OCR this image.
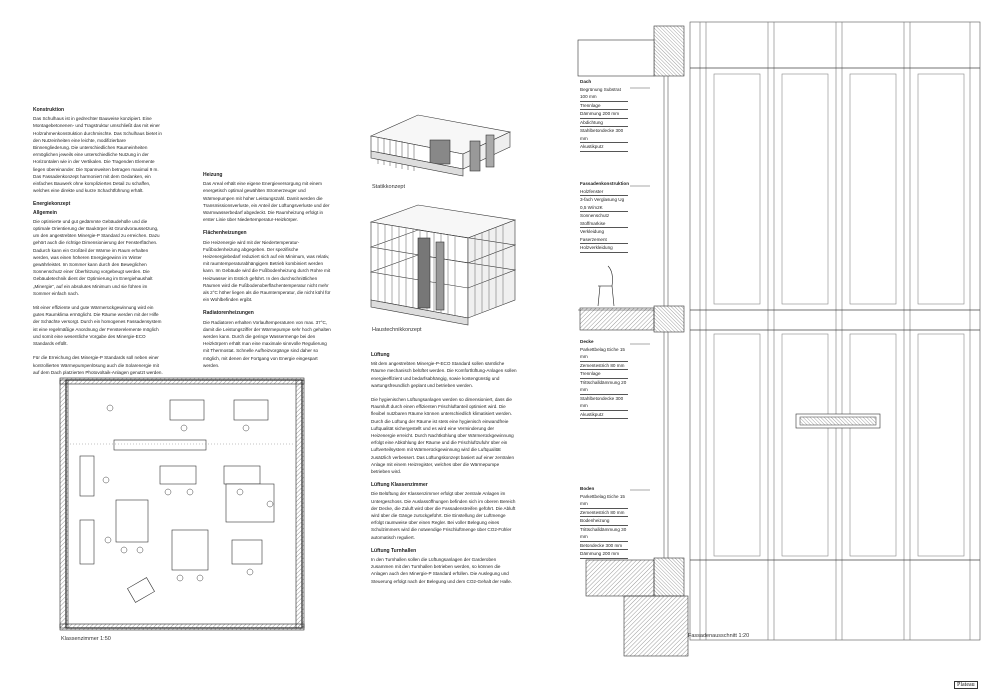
Konstruktion

Das Schulhaus ist in gedrechter Bauweise konzipiert. Eine Montagebetonenen- und Tragstruktur umschließt das mit einer Holzrahmenkonstruktion durchmischte. Das Schulhaus bietet in den Nutzeinheiten eine leichte, modifizierbare Binnengliederung. Die unterschiedlichen Raumeinheiten ermöglichen jeweils eine unterschiedliche Nutzung in der Horizontalen wie in der Vertikalen. Die Tragenden Elemente liegen übereinander. Die Spannweiten betragen maximal 9 m. Das Fassadenkonzept harmoniert mit dem Gedanken, ein einfaches Bauwerk ohne kompliziertes Detail zu schaffen, welches eine direkte und kurze Schachtführung erhält.

Energiekonzept
Allgemein

Die optimierte und gut gedämmte Gebäudehülle und die optimale Orientierung der Baukörper ist Grundvoraussetzung, um den angestrebten Minergie-P Standard zu erreichen. Dazu gehört auch die richtige Dimensionierung der Fensterflächen. Dadurch kann ein Großteil der Wärme im Raum erhalten werden, was einen höheren Energiegewinn im Winter gewährleistet. Im Sommer kann durch den Beweglichen Sonnenschutz einer Überhitzung vorgebeugt werden. Die Gebäudetechnik dient der Optimierung im Energiehaushalt „Minergie“, auf ein absolutes Minimum und sie führen im Sommer einfach nach.

Mit einer effiziente und gute Wärmerückgewinnung wird ein gutes Raumklima ermöglicht. Die Räume werden mit der Hilfe der Schächte versorgt. Durch ein homogenes Fassadensystem ist eine regelmäßige Anordnung der Fensterelemente möglich und somit eine wesentliche Vorgabe des Minergie-ECO Standards erfüllt.

Für die Erreichung des Minergie-P Standards soll neben einer kontrollierten Wärmepumpenlösung auch die Solarenergie mit auf dem Dach platzierten Photovoltaik-Anlagen genutzt werden.

Heizung

Das Areal erhält eine eigene Energieversorgung mit einem energetisch optimal gewählten Stromerzeuger und Wärmepumpen mit hoher Leistungszahl. Damit werden die Transmissionsverluste, ein Anteil der Lüftungsverluste und der Warmwasserbedarf abgedeckt. Die Raumheizung erfolgt in erster Linie über Niedertemperatur-Heizkörper.

Flächenheizungen

Die Heizenergie wird mit der Niedertemperatur-Fußbodenheizung abgegeben. Der spezifische Heizenergiebedarf reduziert sich auf ein Minimum, was relativ, mit raumtemperaturabhängigem Betrieb kombiniert werden kann. Im Gebäude wird die Fußbodenheizung durch Rohre mit Heizwasser im Estrich geführt. In den durchschnittlichen Räumen wird die Fußbodenoberflächentemperatur nicht mehr als 2°C höher liegen als die Raumtemperatur, die nicht kühl für ein Wohlbefinden ergibt.

Radiatorenheizungen

Die Radiatoren erhalten Vorlauftemperaturen von max. 37°C, damit die Leistungsziffer der Wärmepumpe sehr hoch gehalten werden kann. Durch die geringe Wassermenge bei den Heizkörpern erhält man eine maximale sinnvolle Regulierung mit Thermostat. Schnelle Aufheizvorgänge sind daher so möglich, mit denen der Fortgang von Energie eingespart werden.

Lüftung

Mit dem angestrebten Minergie-P-ECO Standard sollen sämtliche Räume mechanisch belüftet werden. Die Komfortlüftung-Anlagen sollen energieeffizient und bedarfsabhängig, sowie kostengünstig und wartungsfreundlich geplant und betrieben werden.

Die hygienischen Lüftungsanlagen werden so dimensioniert, dass die Raumluft durch einen effizienten Frischluftanteil optimiert wird. Die flexibel nutzbaren Räume können unterschiedlich klimatisiert werden. Durch die Lüftung der Räume ist stets eine hygienisch einwandfreie Luftqualität sichergestellt und es wird eine Verminderung der Heizenergie erreicht. Durch Nachtkühlung über Wärmerückgewinnung erfolgt eine Abkühlung der Räume und die Frischluftzufuhr über ein Luftverteilsystem mit Wärmerückgewinnung wird die Luftqualität zusätzlich verbessert. Das Lüftungskonzept basiert auf einer zentralen Anlage mit einem Heizregister, welches über die Wärmepumpe betrieben wird.

Lüftung Klassenzimmer

Die Belüftung der Klassenzimmer erfolgt über zentrale Anlagen im Untergeschoss. Die Auslassöffnungen befinden sich im oberen Bereich der Decke, die Zuluft wird über die Fassadenstreifen geführt. Die Abluft wird über die Gänge zurückgeführt. Die Einstellung der Luftmenge erfolgt raumweise über einen Regler. Bei voller Belegung eines Schulzimmers wird die notwendige Frischluftmenge über CO2-Fühler automatisch reguliert.

Lüftung Turnhallen

In den Turnhallen sollen die Lüftungsanlagen der Garderoben zusammen mit den Turnhallen betrieben werden, so können die Anlagen auch den Minergie-P Standard erfüllen. Die Auslegung und Steuerung erfolgt nach der Belegung und dem CO2-Gehalt der Halle.

Statikkonzept
Haustechnikkonzept
Klassenzimmer 1:50	Fassadenausschnitt 1:20
Dach
Begrünung Substrat 100 mm
Trennlage
Dämmung 200 mm
Abdichtung
Stahlbetondecke 300 mm
Akustikputz
Fassadenkonstruktion
Holzfenster
3-fach Verglasung Ug 0,5 W/m2K
Sonnenschutz Stoffmarkise
Verkleidung Faserzement
Holzverkleidung
Decke
Parkettbelag Eiche 15 mm
Zementestrich 80 mm
Trennlage
Trittschalldämmung 20 mm
Stahlbetondecke 300 mm
Akustikputz
Boden
Parkettbelag Eiche 15 mm
Zementestrich 80 mm
Bodenheizung
Trittschalldämmung 30 mm
Betondecke 300 mm
Dämmung 200 mm
Plateau
